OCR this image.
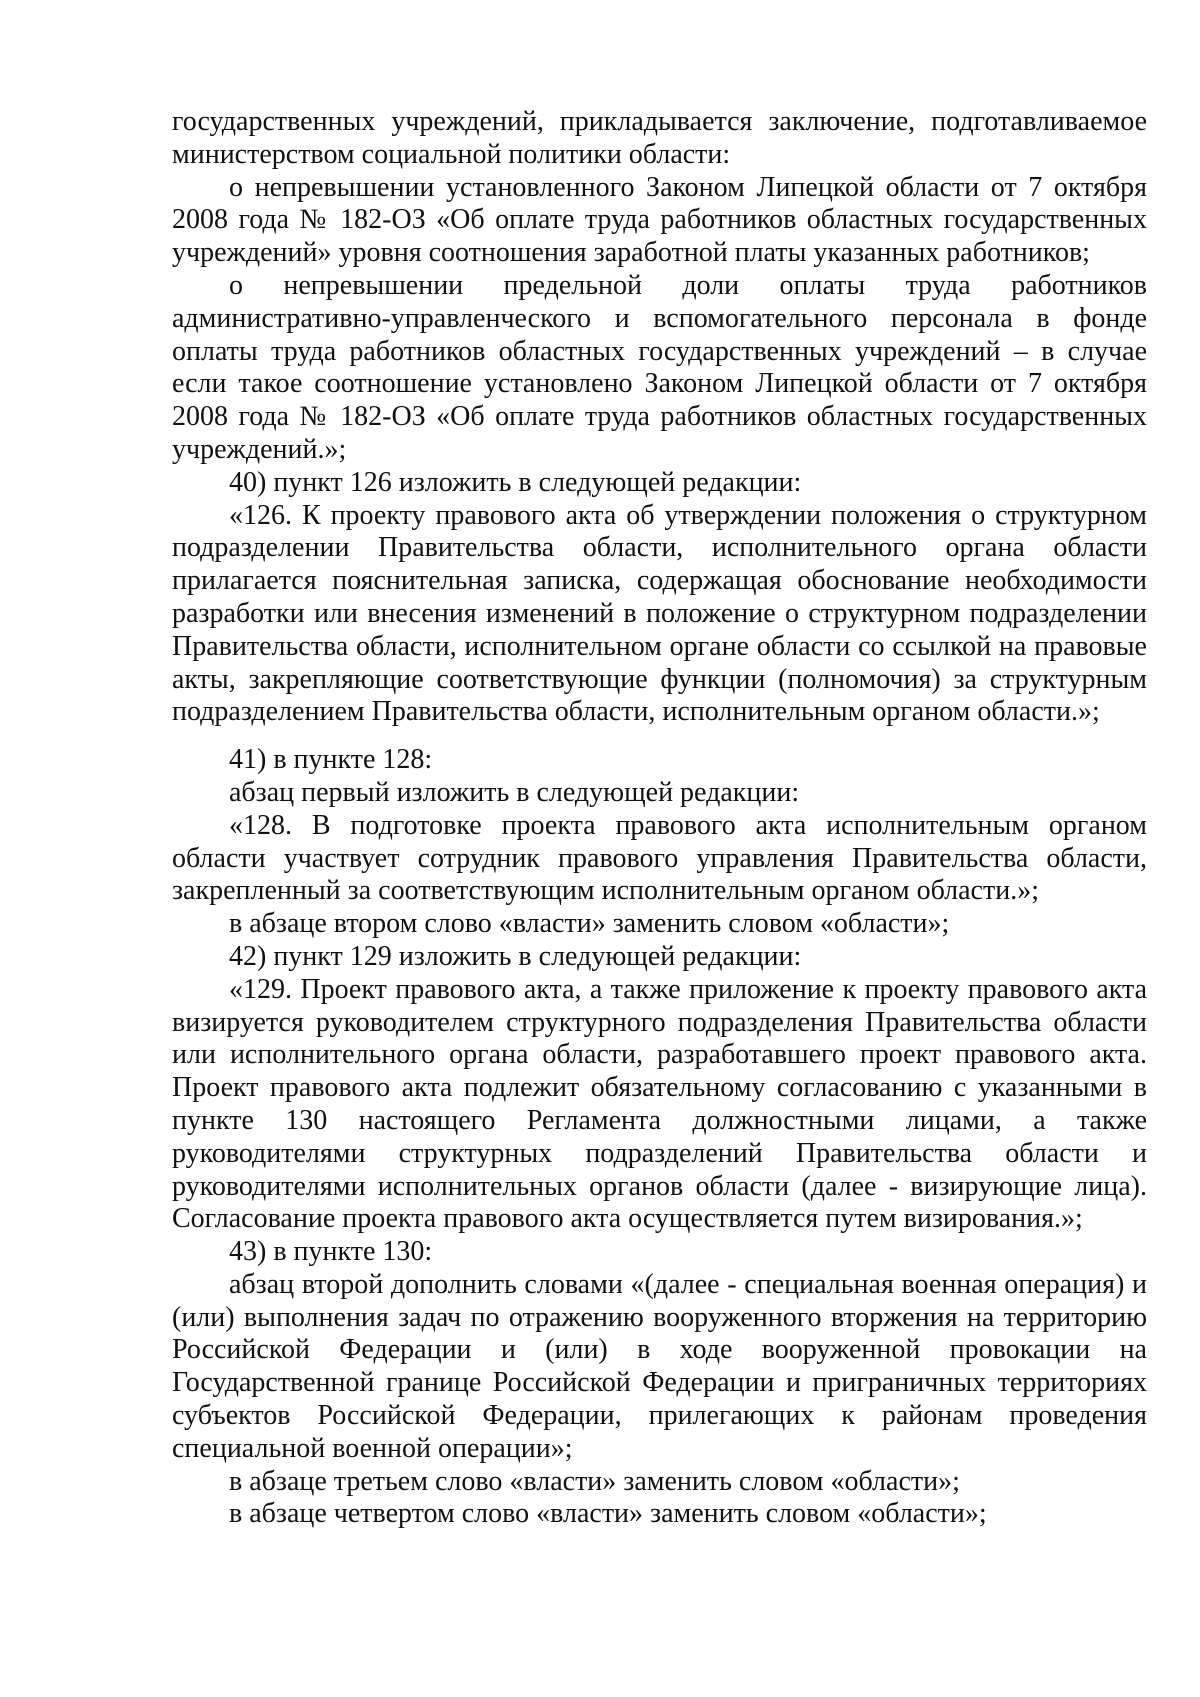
государственных учреждений, прикладывается заключение, подготавливаемое министерством социальной политики области:

о непревышении установленного Законом Липецкой области от 7 октября 2008 года № 182-ОЗ «Об оплате труда работников областных государственных учреждений» уровня соотношения заработной платы указанных работников;

о непревышении предельной доли оплаты труда работников административно-управленческого и вспомогательного персонала в фонде оплаты труда работников областных государственных учреждений – в случае если такое соотношение установлено Законом Липецкой области от 7 октября 2008 года № 182-ОЗ «Об оплате труда работников областных государственных учреждений.»;

40) пункт 126 изложить в следующей редакции:

«126. К проекту правового акта об утверждении положения о структурном подразделении Правительства области, исполнительного органа области прилагается пояснительная записка, содержащая обоснование необходимости разработки или внесения изменений в положение о структурном подразделении Правительства области, исполнительном органе области со ссылкой на правовые акты, закрепляющие соответствующие функции (полномочия) за структурным подразделением Правительства области, исполнительным органом области.»;

41) в пункте 128:

абзац первый изложить в следующей редакции:

«128. В подготовке проекта правового акта исполнительным органом области участвует сотрудник правового управления Правительства области, закрепленный за соответствующим исполнительным органом области.»;

в абзаце втором слово «власти» заменить словом «области»;

42) пункт 129 изложить в следующей редакции:

«129. Проект правового акта, а также приложение к проекту правового акта визируется руководителем структурного подразделения Правительства области или исполнительного органа области, разработавшего проект правового акта. Проект правового акта подлежит обязательному согласованию с указанными в пункте 130 настоящего Регламента должностными лицами, а также руководителями структурных подразделений Правительства области и руководителями исполнительных органов области (далее - визирующие лица). Согласование проекта правового акта осуществляется путем визирования.»;

43) в пункте 130:

абзац второй дополнить словами «(далее - специальная военная операция) и (или) выполнения задач по отражению вооруженного вторжения на территорию Российской Федерации и (или) в ходе вооруженной провокации на Государственной границе Российской Федерации и приграничных территориях субъектов Российской Федерации, прилегающих к районам проведения специальной военной операции»;

в абзаце третьем слово «власти» заменить словом «области»;

в абзаце четвертом слово «власти» заменить словом «области»;
